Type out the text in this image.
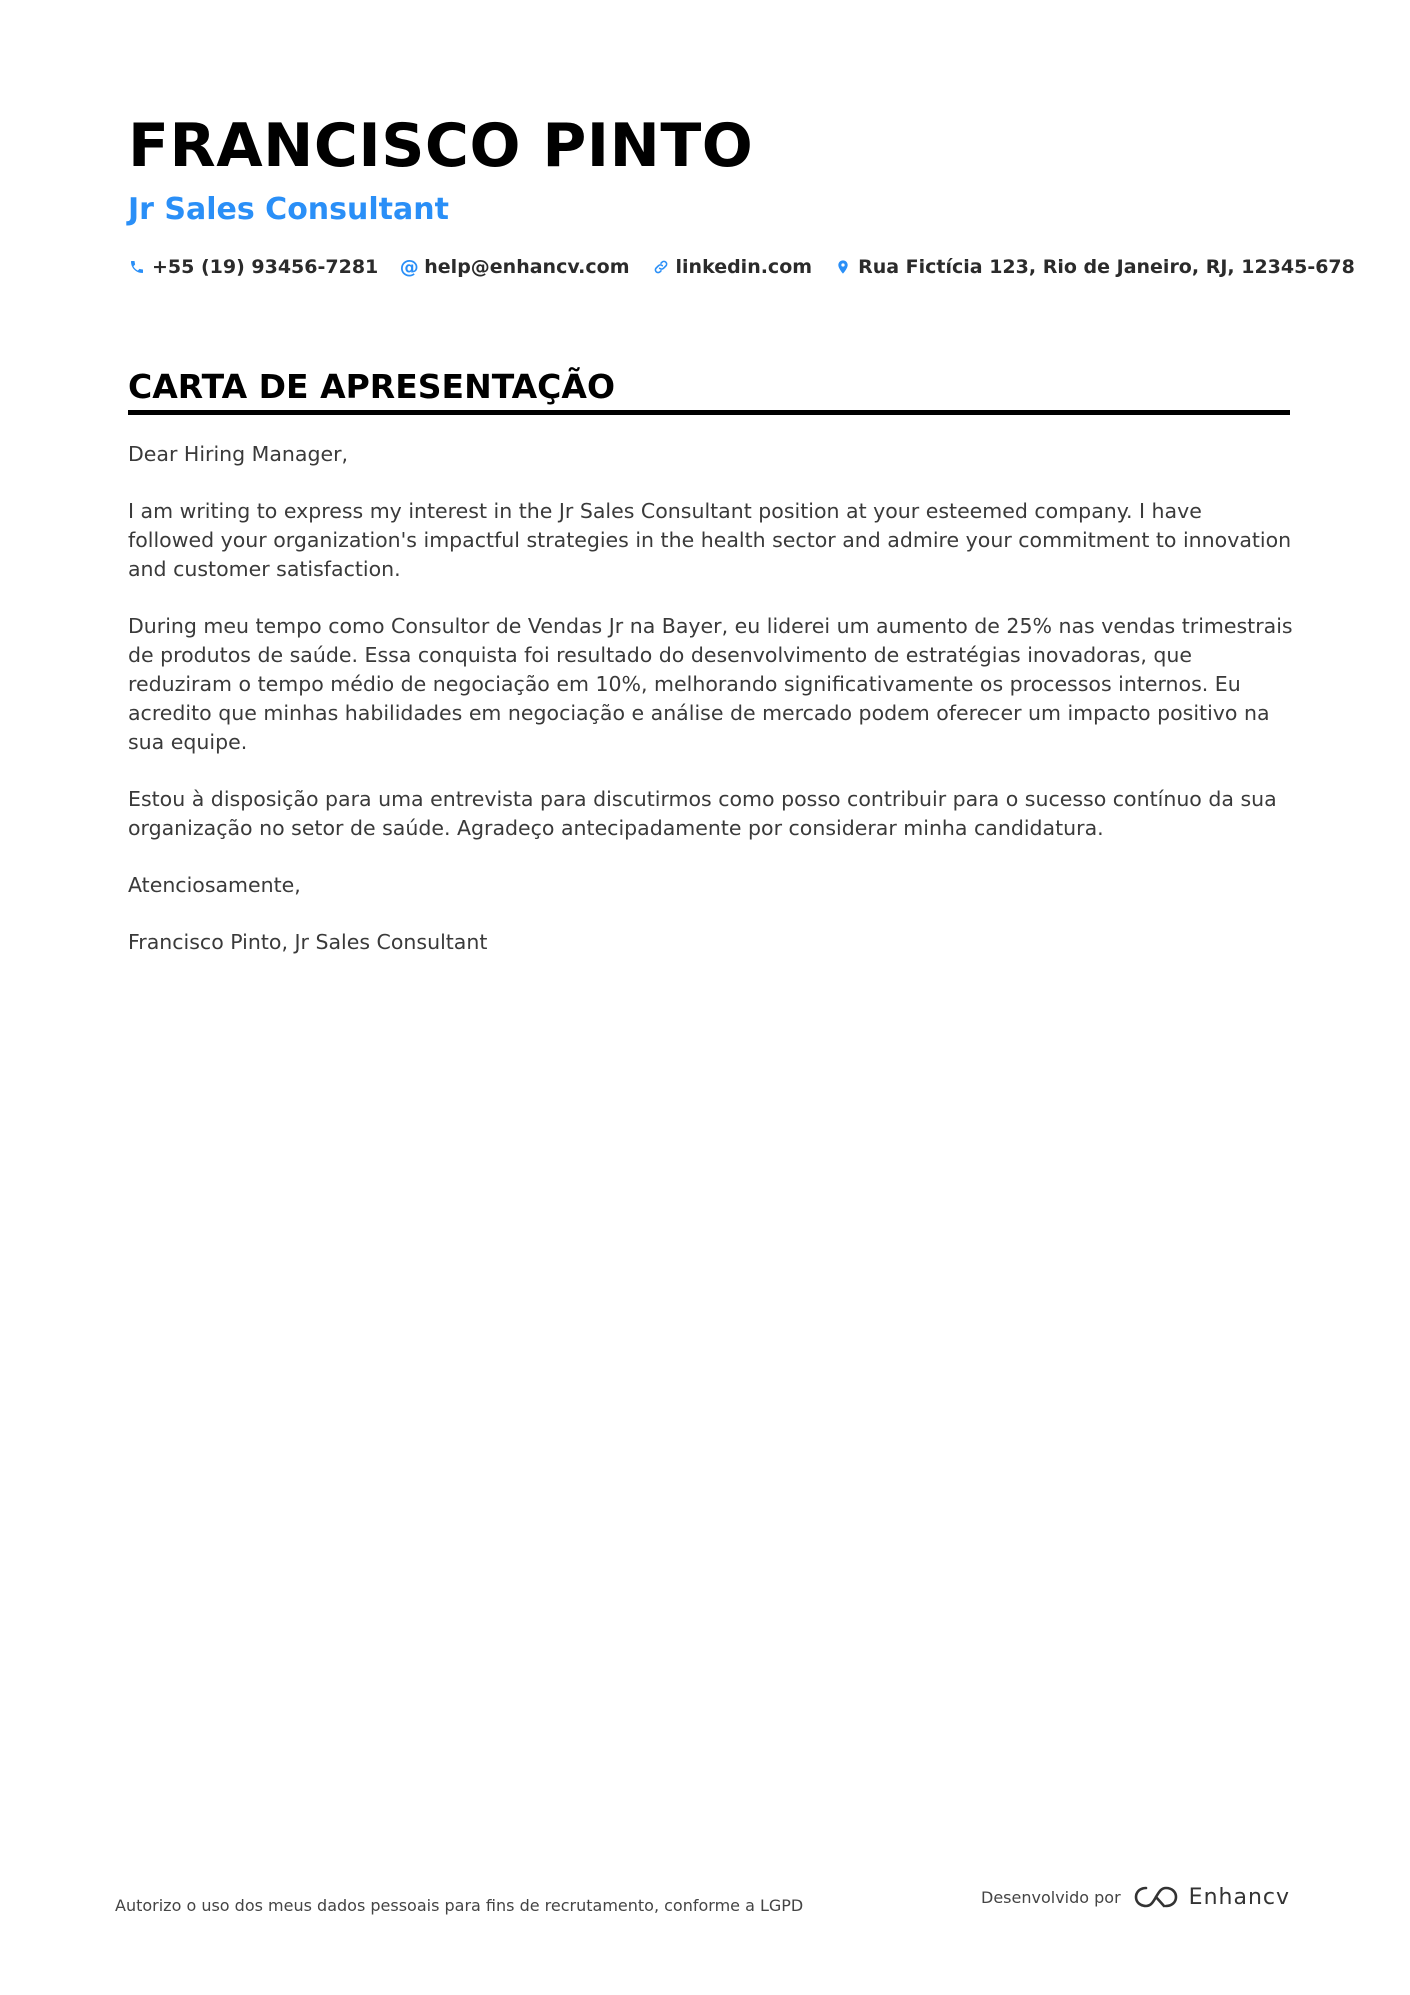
FRANCISCO PINTO
Jr Sales Consultant
+55 (19) 93456-7281 @ help@enhancv.com linkedin.com Rua Fictícia 123, Rio de Janeiro, RJ, 12345-678
CARTA DE APRESENTAÇÃO

Dear Hiring Manager,

I am writing to express my interest in the Jr Sales Consultant position at your esteemed company. I have followed your organization's impactful strategies in the health sector and admire your commitment to innovation and customer satisfaction.

During meu tempo como Consultor de Vendas Jr na Bayer, eu liderei um aumento de 25% nas vendas trimestrais de produtos de saúde. Essa conquista foi resultado do desenvolvimento de estratégias inovadoras, que reduziram o tempo médio de negociação em 10%, melhorando significativamente os processos internos. Eu acredito que minhas habilidades em negociação e análise de mercado podem oferecer um impacto positivo na sua equipe.

Estou à disposição para uma entrevista para discutirmos como posso contribuir para o sucesso contínuo da sua organização no setor de saúde. Agradeço antecipadamente por considerar minha candidatura.

Atenciosamente,

Francisco Pinto, Jr Sales Consultant

Autorizo o uso dos meus dados pessoais para fins de recrutamento, conforme a LGPD	Desenvolvido por	Enhancv
